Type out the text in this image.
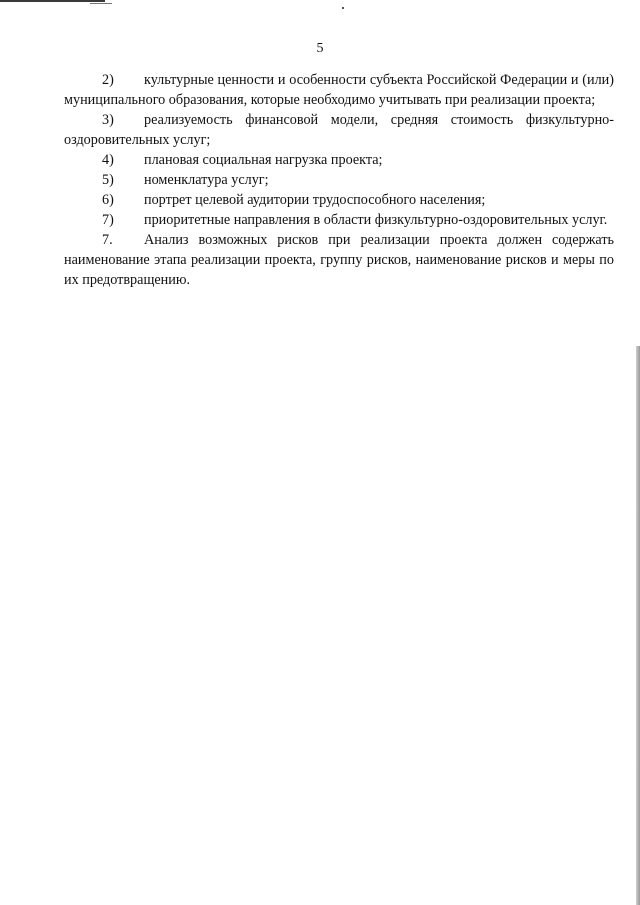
5
2) культурные ценности и особенности субъекта Российской Федерации и (или) муниципального образования, которые необходимо учитывать при реализации проекта;
3) реализуемость финансовой модели, средняя стоимость физкультурно-оздоровительных услуг;
4) плановая социальная нагрузка проекта;
5) номенклатура услуг;
6) портрет целевой аудитории трудоспособного населения;
7) приоритетные направления в области физкультурно-оздоровительных услуг.
7. Анализ возможных рисков при реализации проекта должен содержать наименование этапа реализации проекта, группу рисков, наименование рисков и меры по их предотвращению.
